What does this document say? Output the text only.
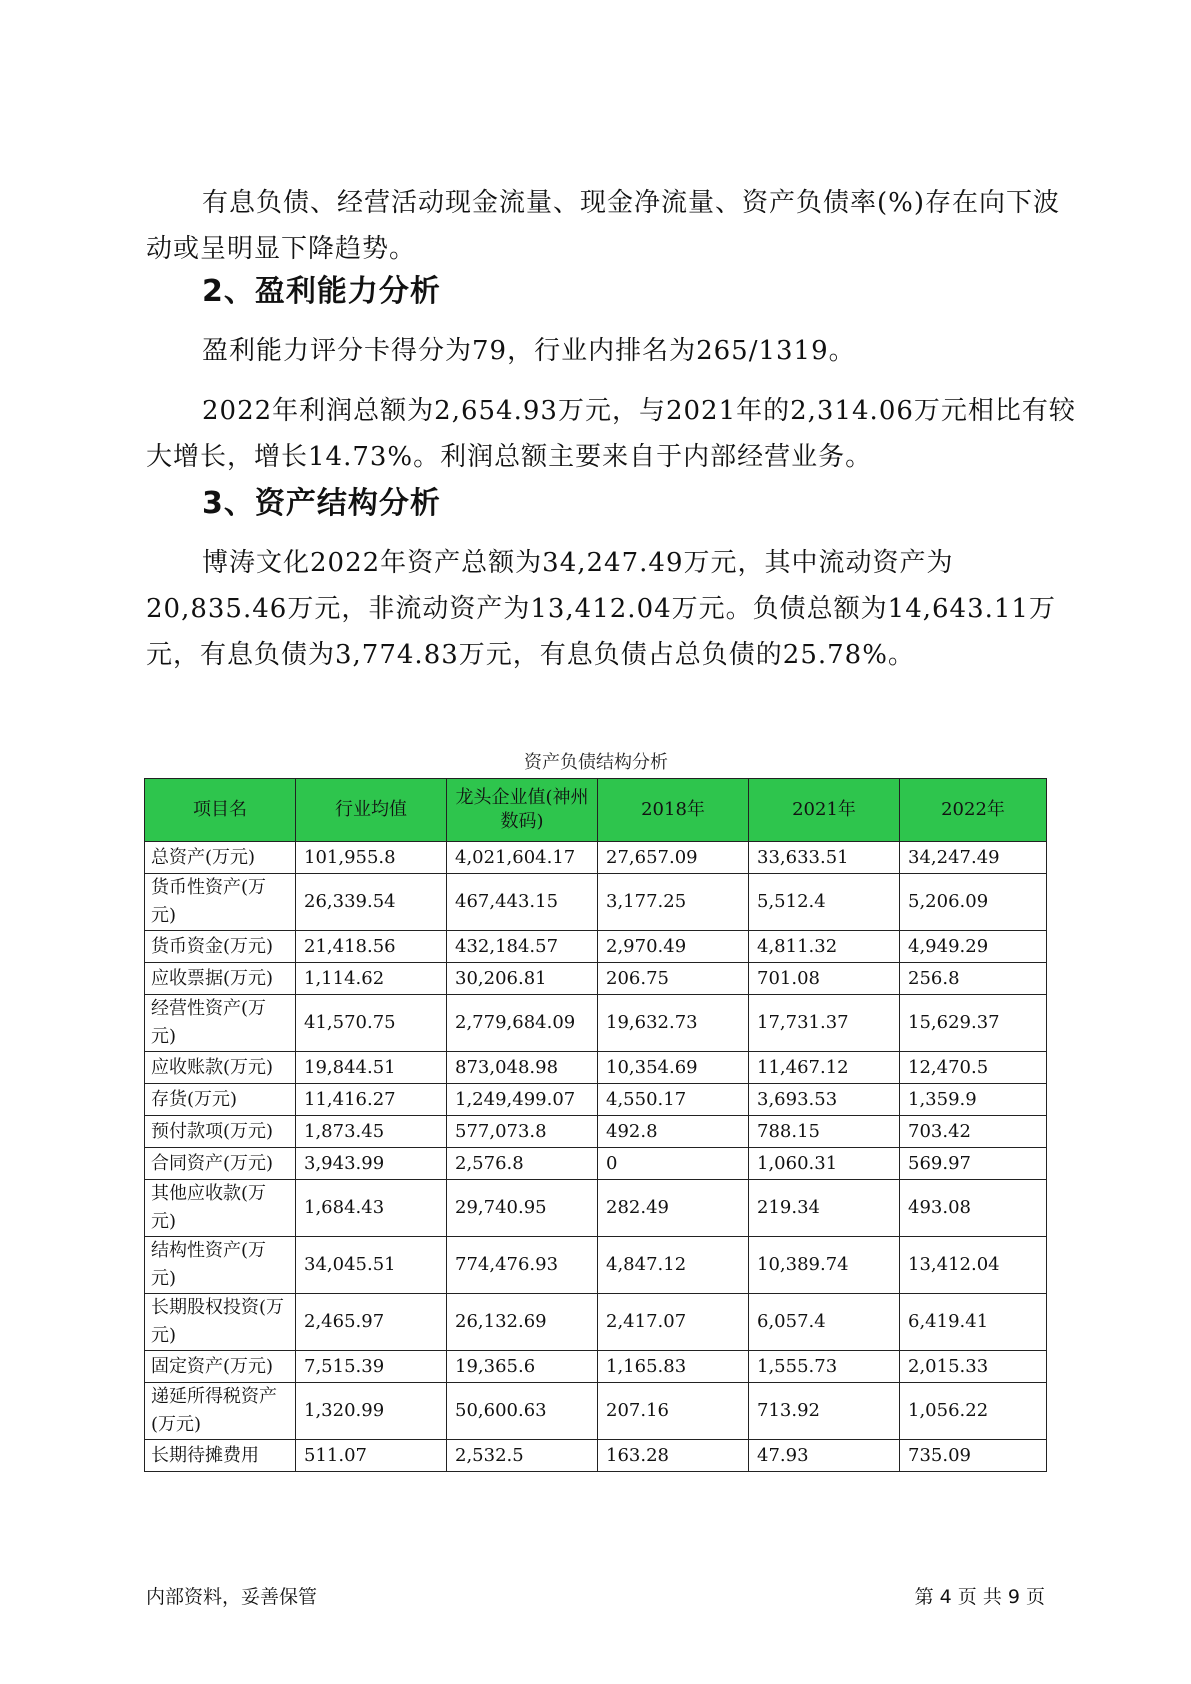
有息负债、经营活动现金流量、现金净流量、资产负债率(%)存在向下波动或呈明显下降趋势。

2、盈利能力分析

盈利能力评分卡得分为79，行业内排名为265/1319。

2022年利润总额为2,654.93万元，与2021年的2,314.06万元相比有较大增长，增长14.73%。利润总额主要来自于内部经营业务。

3、资产结构分析

博涛文化2022年资产总额为34,247.49万元，其中流动资产为20,835.46万元，非流动资产为13,412.04万元。负债总额为14,643.11万元，有息负债为3,774.83万元，有息负债占总负债的25.78%。

资产负债结构分析
项目名	行业均值	龙头企业值(神州数码)	2018年	2021年	2022年
总资产(万元)	101,955.8	4,021,604.17	27,657.09	33,633.51	34,247.49
货币性资产(万元)	26,339.54	467,443.15	3,177.25	5,512.4	5,206.09
货币资金(万元)	21,418.56	432,184.57	2,970.49	4,811.32	4,949.29
应收票据(万元)	1,114.62	30,206.81	206.75	701.08	256.8
经营性资产(万元)	41,570.75	2,779,684.09	19,632.73	17,731.37	15,629.37
应收账款(万元)	19,844.51	873,048.98	10,354.69	11,467.12	12,470.5
存货(万元)	11,416.27	1,249,499.07	4,550.17	3,693.53	1,359.9
预付款项(万元)	1,873.45	577,073.8	492.8	788.15	703.42
合同资产(万元)	3,943.99	2,576.8	0	1,060.31	569.97
其他应收款(万元)	1,684.43	29,740.95	282.49	219.34	493.08
结构性资产(万元)	34,045.51	774,476.93	4,847.12	10,389.74	13,412.04
长期股权投资(万元)	2,465.97	26,132.69	2,417.07	6,057.4	6,419.41
固定资产(万元)	7,515.39	19,365.6	1,165.83	1,555.73	2,015.33
递延所得税资产(万元)	1,320.99	50,600.63	207.16	713.92	1,056.22
长期待摊费用	511.07	2,532.5	163.28	47.93	735.09
内部资料，妥善保管	第 4 页 共 9 页
